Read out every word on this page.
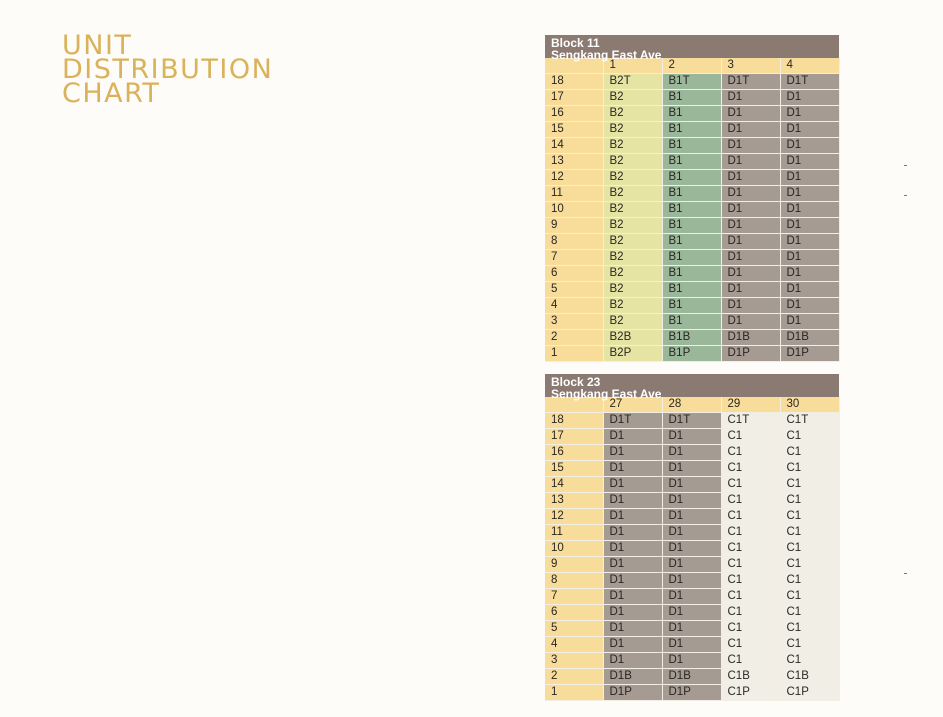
UNIT
DISTRIBUTION
CHART
Block 11
Sengkang East Ave
	1	2	3	4
18	B2T	B1T	D1T	D1T
17	B2	B1	D1	D1
16	B2	B1	D1	D1
15	B2	B1	D1	D1
14	B2	B1	D1	D1
13	B2	B1	D1	D1
12	B2	B1	D1	D1
11	B2	B1	D1	D1
10	B2	B1	D1	D1
9	B2	B1	D1	D1
8	B2	B1	D1	D1
7	B2	B1	D1	D1
6	B2	B1	D1	D1
5	B2	B1	D1	D1
4	B2	B1	D1	D1
3	B2	B1	D1	D1
2	B2B	B1B	D1B	D1B
1	B2P	B1P	D1P	D1P
Block 23
Sengkang East Ave
	27	28	29	30
18	D1T	D1T	C1T	C1T
17	D1	D1	C1	C1
16	D1	D1	C1	C1
15	D1	D1	C1	C1
14	D1	D1	C1	C1
13	D1	D1	C1	C1
12	D1	D1	C1	C1
11	D1	D1	C1	C1
10	D1	D1	C1	C1
9	D1	D1	C1	C1
8	D1	D1	C1	C1
7	D1	D1	C1	C1
6	D1	D1	C1	C1
5	D1	D1	C1	C1
4	D1	D1	C1	C1
3	D1	D1	C1	C1
2	D1B	D1B	C1B	C1B
1	D1P	D1P	C1P	C1P
